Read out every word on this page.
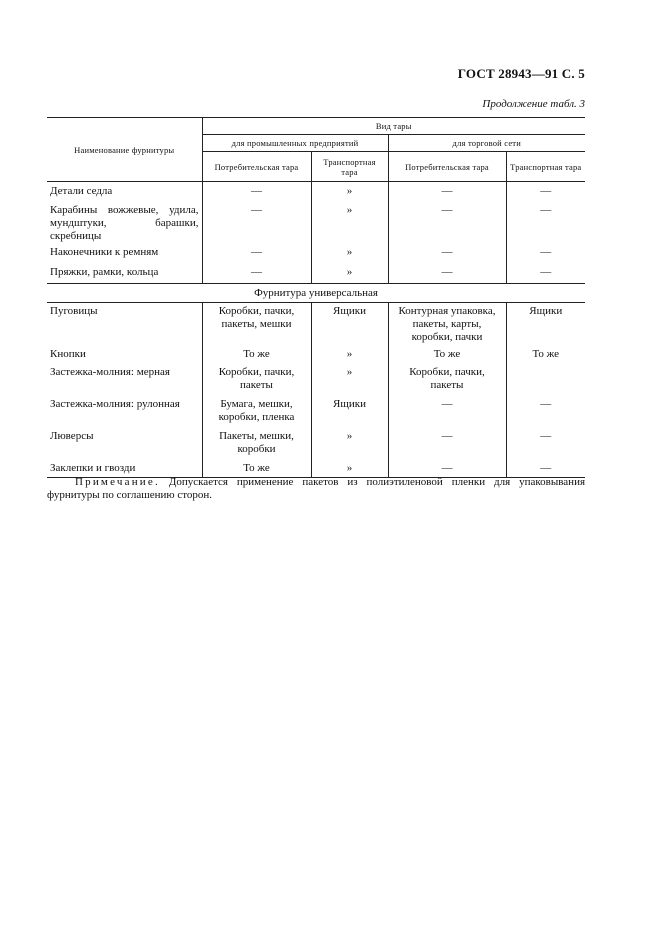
ГОСТ 28943—91 С. 5
Продолжение табл. 3
Наименование фурнитуры	Вид тары			
	для промышленных предприятий		для торговой сети	
	Потребительская тара	Транспортная тара	Потребительская тара	Транспортная тара
Детали седла	—	»	—	—
Карабины вожжевые, удила, мундштуки, барашки, скребницы	—	»	—	—
Наконечники к ремням	—	»	—	—
Пряжки, рамки, кольца	—	»	—	—
Фурнитура универсальная				
Пуговицы	Коробки, пачки, пакеты, мешки	Ящики	Контурная упаковка, пакеты, карты, коробки, пачки	Ящики
Кнопки	То же	»	То же	То же
Застежка-молния: мерная	Коробки, пачки, пакеты	»	Коробки, пачки, пакеты	
Застежка-молния: рулонная	Бумага, мешки, коробки, пленка	Ящики	—	—
Люверсы	Пакеты, мешки, коробки	»	—	—
Заклепки и гвозди	То же	»	—	—
Примечание. Допускается применение пакетов из полиэтиленовой пленки для упаковывания фурнитуры по соглашению сторон.
